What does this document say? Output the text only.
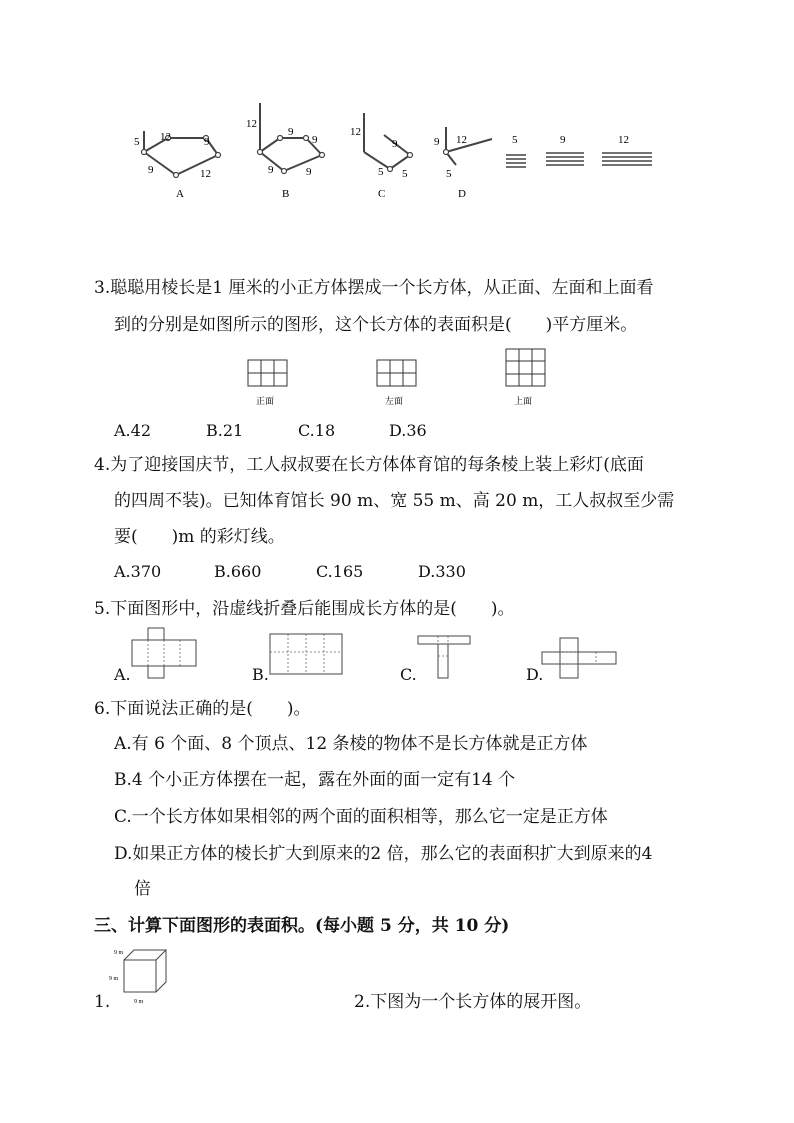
5 12	9
9	12
A
12
9
9
9	9
B
12
9
5 5
C
9 12
5
D
5	9	12
3.聪聪用棱长是1 厘米的小正方体摆成一个长方体，从正面、左面和上面看
到的分别是如图所示的图形，这个长方体的表面积是(　　)平方厘米。
正面	左面	上面
A.42	B.21	C.18	D.36
4.为了迎接国庆节，工人叔叔要在长方体体育馆的每条棱上装上彩灯(底面
的四周不装)。已知体育馆长 90 m、宽 55 m、高 20 m，工人叔叔至少需
要(　　)m 的彩灯线。
A.370	B.660	C.165	D.330
5.下面图形中，沿虚线折叠后能围成长方体的是(　　)。
A.	B.	C.	D.
6.下面说法正确的是(　　)。
A.有 6 个面、8 个顶点、12 条棱的物体不是长方体就是正方体
B.4 个小正方体摆在一起，露在外面的面一定有14 个
C.一个长方体如果相邻的两个面的面积相等，那么它一定是正方体
D.如果正方体的棱长扩大到原来的2 倍，那么它的表面积扩大到原来的4
倍
三、计算下面图形的表面积。(每小题 5 分，共 10 分)
1.
9 m
9 m
9 m	2.下图为一个长方体的展开图。
